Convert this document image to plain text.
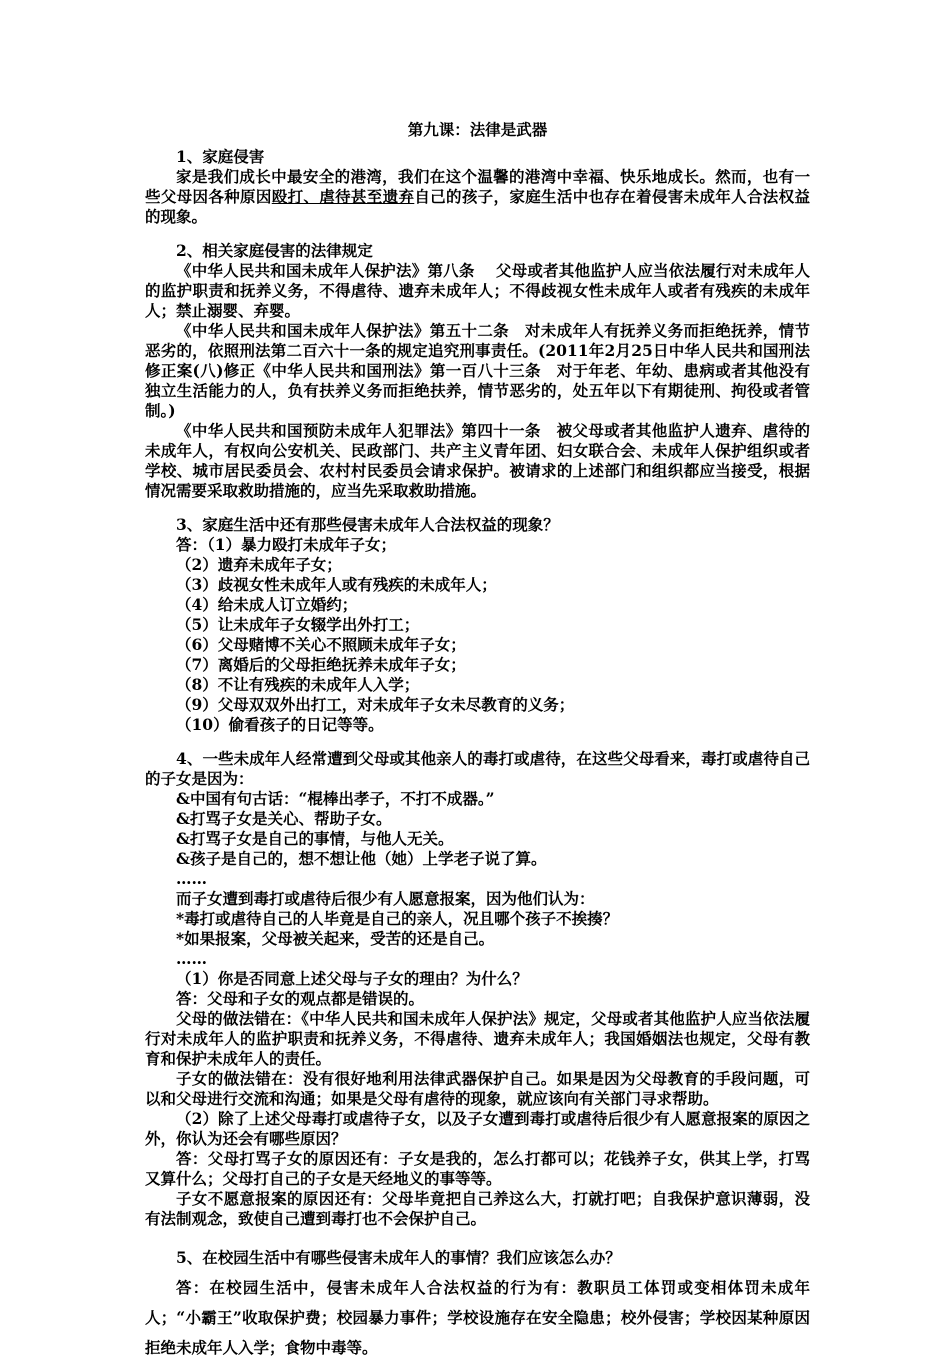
第九课：法律是武器

1、家庭侵害

家是我们成长中最安全的港湾，我们在这个温馨的港湾中幸福、快乐地成长。然而，也有一些父母因各种原因殴打、虐待甚至遗弃自己的孩子，家庭生活中也存在着侵害未成年人合法权益的现象。

2、相关家庭侵害的法律规定

《中华人民共和国未成年人保护法》第八条　 父母或者其他监护人应当依法履行对未成年人的监护职责和抚养义务，不得虐待、遗弃未成年人；不得歧视女性未成年人或者有残疾的未成年人；禁止溺婴、弃婴。

《中华人民共和国未成年人保护法》第五十二条　对未成年人有抚养义务而拒绝抚养，情节恶劣的，依照刑法第二百六十一条的规定追究刑事责任。(2011年2月25日中华人民共和国刑法修正案(八)修正《中华人民共和国刑法》第一百八十三条　对于年老、年幼、患病或者其他没有独立生活能力的人，负有扶养义务而拒绝扶养，情节恶劣的，处五年以下有期徒刑、拘役或者管制。)

《中华人民共和国预防未成年人犯罪法》第四十一条　被父母或者其他监护人遗弃、虐待的未成年人，有权向公安机关、民政部门、共产主义青年团、妇女联合会、未成年人保护组织或者学校、城市居民委员会、农村村民委员会请求保护。被请求的上述部门和组织都应当接受，根据情况需要采取救助措施的，应当先采取救助措施。

3、家庭生活中还有那些侵害未成年人合法权益的现象？

答：（1）暴力殴打未成年子女；

（2）遗弃未成年子女；

（3）歧视女性未成年人或有残疾的未成年人；

（4）给未成人订立婚约；

（5）让未成年子女辍学出外打工；

（6）父母赌博不关心不照顾未成年子女；

（7）离婚后的父母拒绝抚养未成年子女；

（8）不让有残疾的未成年人入学；

（9）父母双双外出打工，对未成年子女未尽教育的义务；

（10）偷看孩子的日记等等。

4、一些未成年人经常遭到父母或其他亲人的毒打或虐待，在这些父母看来，毒打或虐待自己的子女是因为：

&中国有句古话：“棍棒出孝子，不打不成器。”

&打骂子女是关心、帮助子女。

&打骂子女是自己的事情，与他人无关。

&孩子是自己的，想不想让他（她）上学老子说了算。

……

而子女遭到毒打或虐待后很少有人愿意报案，因为他们认为：

*毒打或虐待自己的人毕竟是自己的亲人，况且哪个孩子不挨揍？

*如果报案，父母被关起来，受苦的还是自己。

……

（1）你是否同意上述父母与子女的理由？为什么？

答：父母和子女的观点都是错误的。

父母的做法错在：《中华人民共和国未成年人保护法》规定，父母或者其他监护人应当依法履行对未成年人的监护职责和抚养义务，不得虐待、遗弃未成年人；我国婚姻法也规定，父母有教育和保护未成年人的责任。

子女的做法错在：没有很好地利用法律武器保护自己。如果是因为父母教育的手段问题，可以和父母进行交流和沟通；如果是父母有虐待的现象，就应该向有关部门寻求帮助。

（2）除了上述父母毒打或虐待子女，以及子女遭到毒打或虐待后很少有人愿意报案的原因之外，你认为还会有哪些原因？

答：父母打骂子女的原因还有：子女是我的，怎么打都可以；花钱养子女，供其上学，打骂又算什么；父母打自己的子女是天经地义的事等等。

子女不愿意报案的原因还有：父母毕竟把自己养这么大，打就打吧；自我保护意识薄弱，没有法制观念，致使自己遭到毒打也不会保护自己。

5、在校园生活中有哪些侵害未成年人的事情？我们应该怎么办？

答：在校园生活中，侵害未成年人合法权益的行为有：教职员工体罚或变相体罚未成年人；“小霸王”收取保护费；校园暴力事件；学校设施存在安全隐患；校外侵害；学校因某种原因拒绝未成年人入学；食物中毒等。
